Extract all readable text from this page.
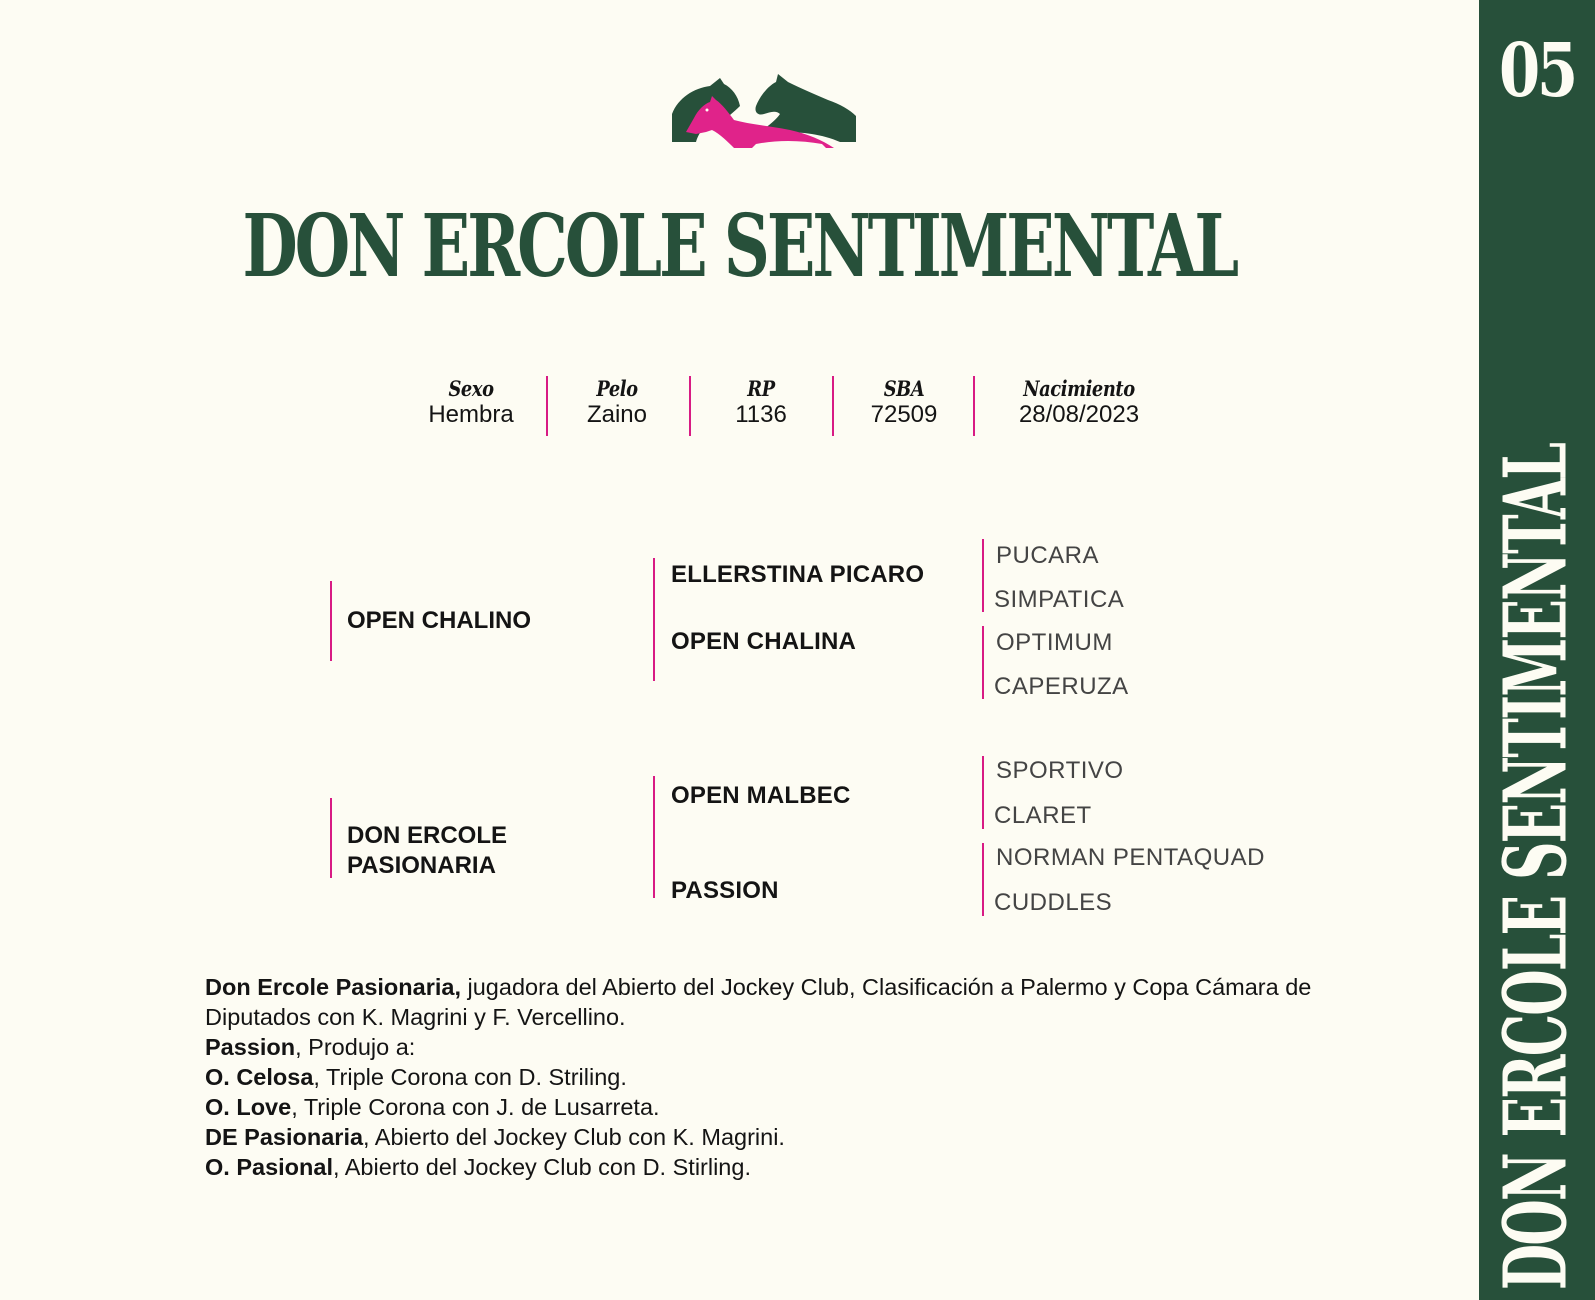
DON ERCOLE SENTIMENTAL
Sexo
Hembra
Pelo
Zaino
RP
1136
SBA
72509
Nacimiento
28/08/2023
OPEN CHALINO
DON ERCOLE
PASIONARIA
ELLERSTINA PICARO
OPEN CHALINA
OPEN MALBEC
PASSION
PUCARA
SIMPATICA
OPTIMUM
CAPERUZA
SPORTIVO
CLARET
NORMAN PENTAQUAD
CUDDLES

Don Ercole Pasionaria, jugadora del Abierto del Jockey Club, Clasificación a Palermo y Copa Cámara de Diputados con K. Magrini y F. Vercellino.

Passion, Produjo a:

O. Celosa, Triple Corona con D. Striling.

O. Love, Triple Corona con J. de Lusarreta.

DE Pasionaria, Abierto del Jockey Club con K. Magrini.

O. Pasional, Abierto del Jockey Club con D. Stirling.

05
DON ERCOLE SENTIMENTAL
